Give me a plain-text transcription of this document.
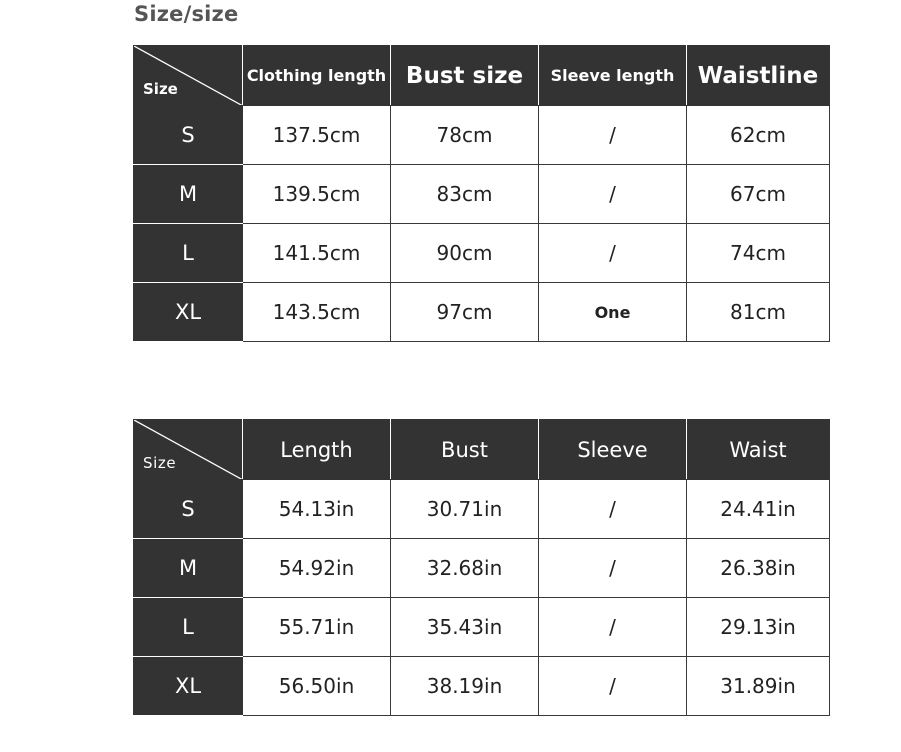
Size/size
Size	Clothing length	Bust size	Sleeve length	Waistline
S	137.5cm	78cm	/	62cm
M	139.5cm	83cm	/	67cm
L	141.5cm	90cm	/	74cm
XL	143.5cm	97cm	One	81cm
Size	Length	Bust	Sleeve	Waist
S	54.13in	30.71in	/	24.41in
M	54.92in	32.68in	/	26.38in
L	55.71in	35.43in	/	29.13in
XL	56.50in	38.19in	/	31.89in
